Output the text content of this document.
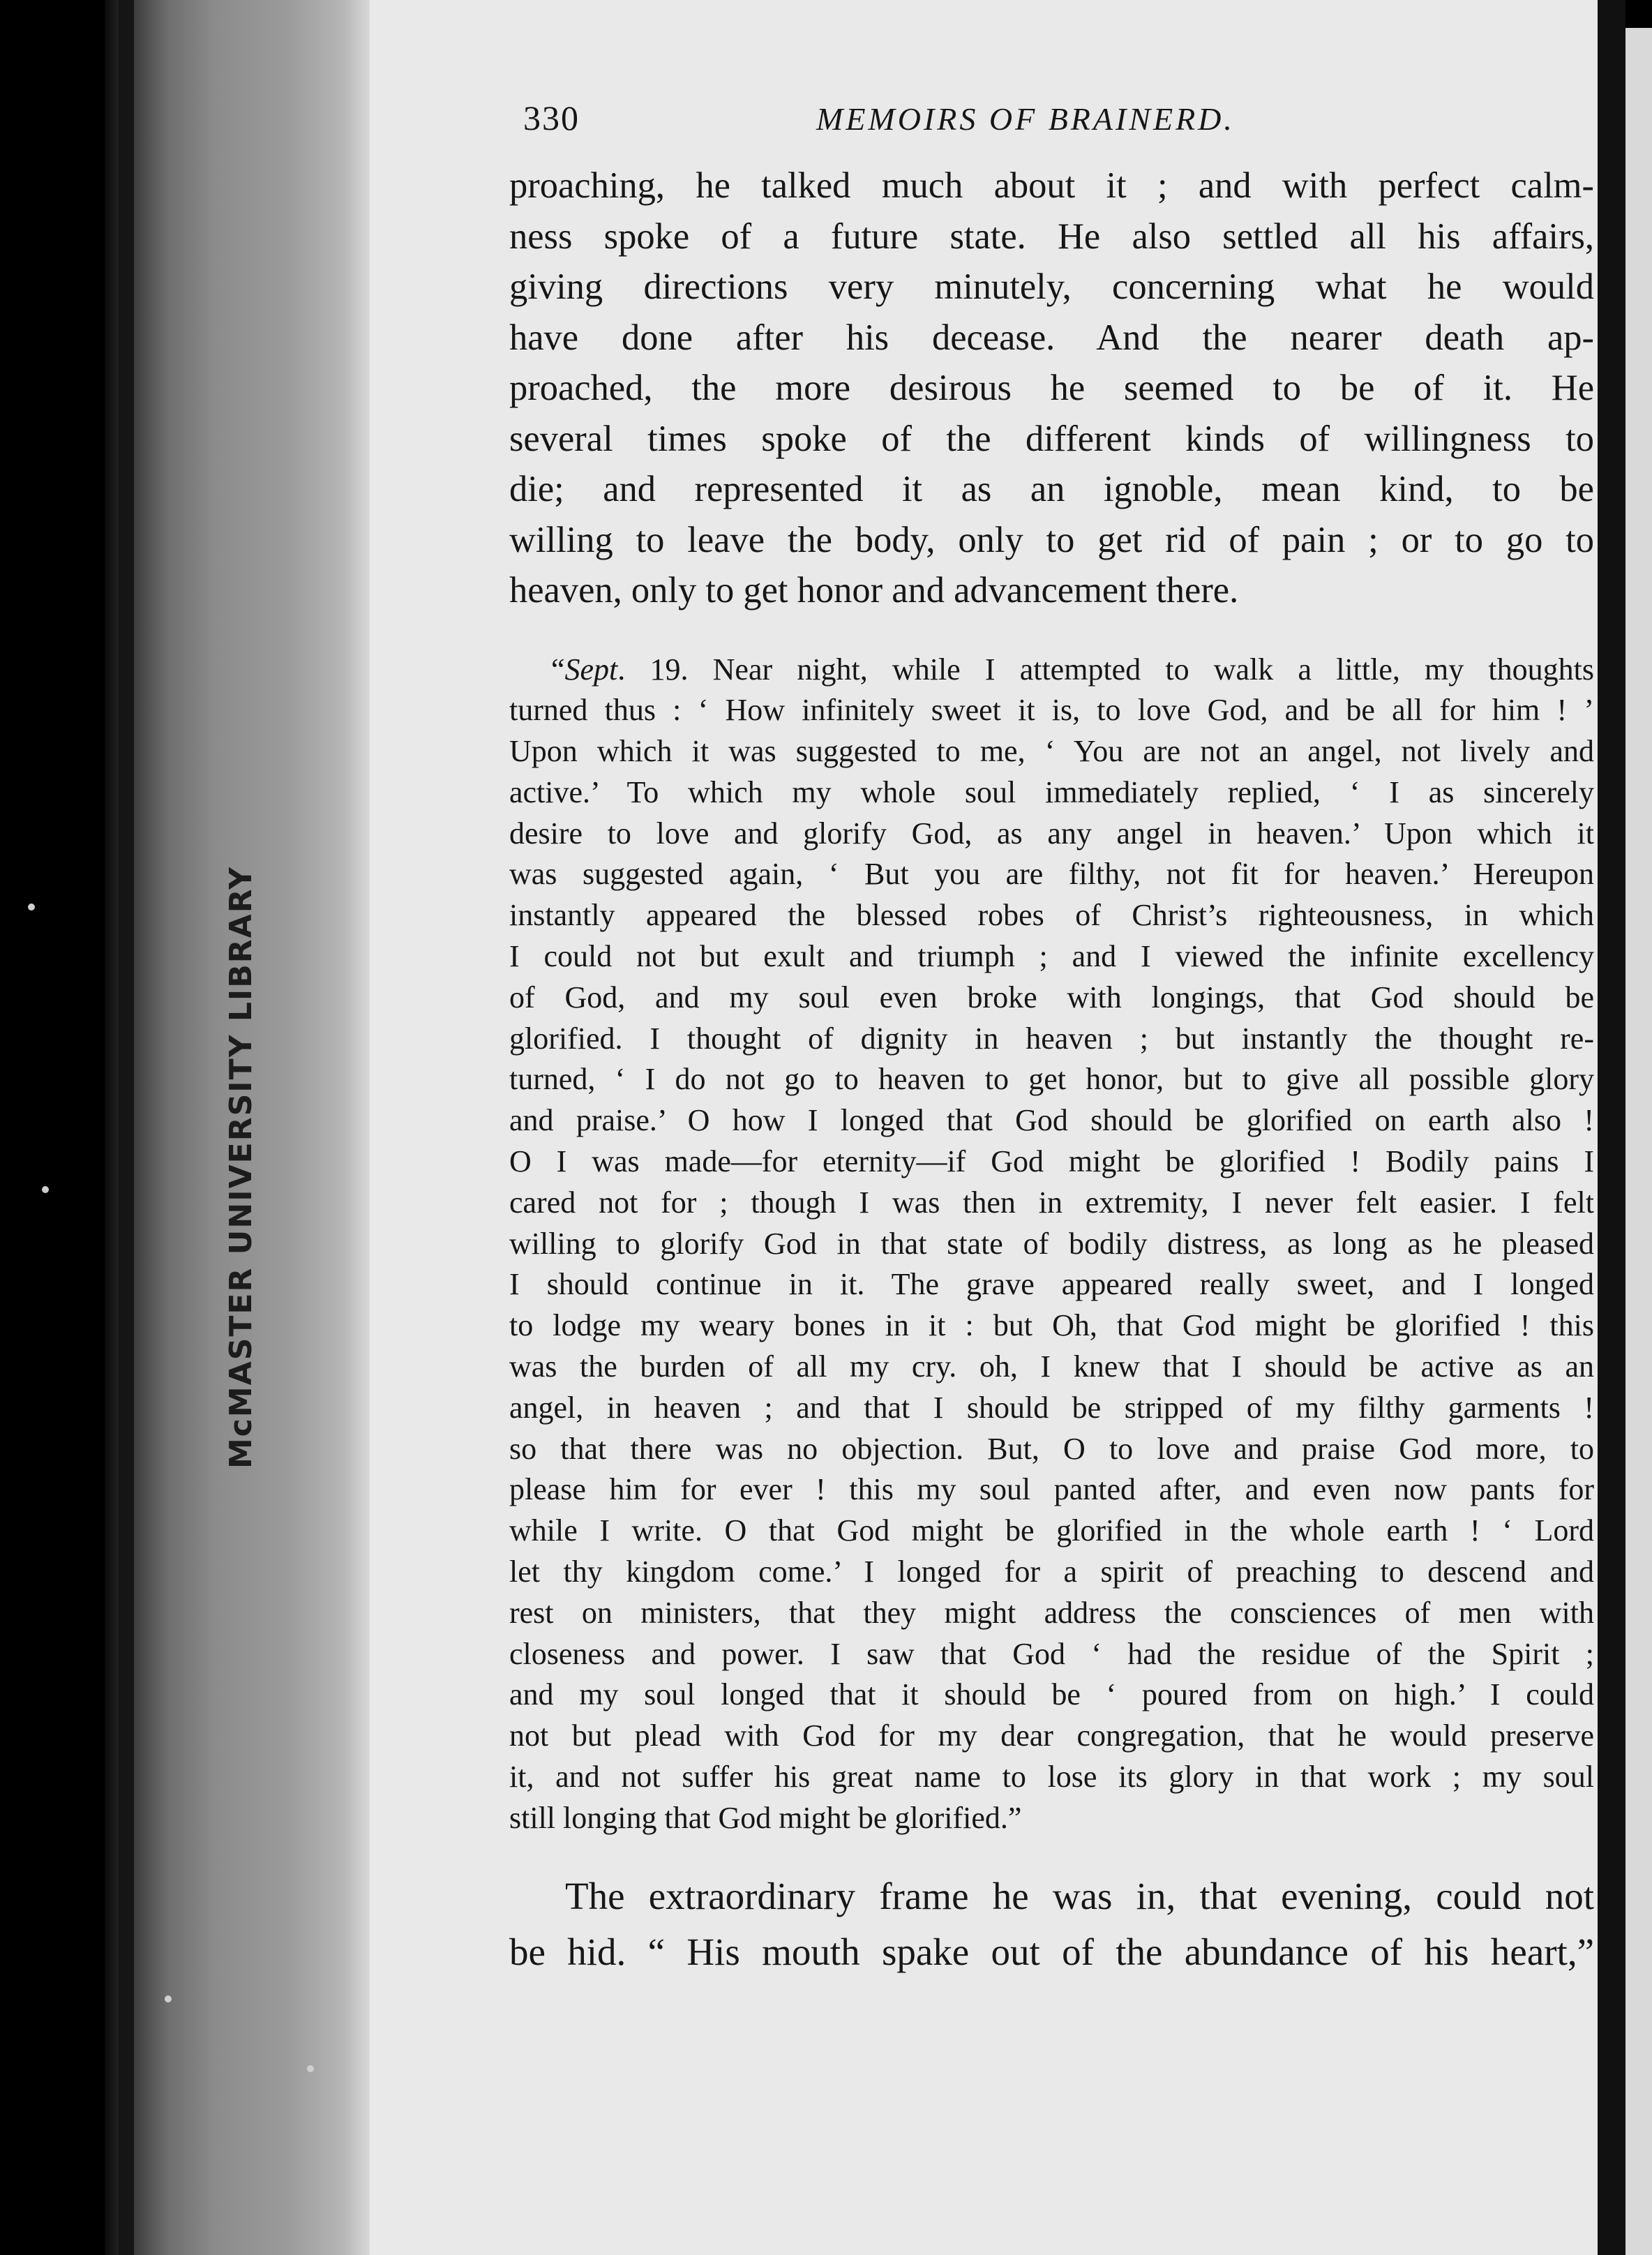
McMASTER UNIVERSITY LIBRARY
330	MEMOIRS OF BRAINERD.

proaching, he talked much about it ; and with perfect calm-
ness spoke of a future state. He also settled all his affairs,
giving directions very minutely, concerning what he would
have done after his decease. And the nearer death ap-
proached, the more desirous he seemed to be of it. He
several times spoke of the different kinds of willingness to
die; and represented it as an ignoble, mean kind, to be
willing to leave the body, only to get rid of pain ; or to go to
heaven, only to get honor and advancement there.

“Sept. 19. Near night, while I attempted to walk a little, my thoughts
turned thus : ‘ How infinitely sweet it is, to love God, and be all for him ! ’
Upon which it was suggested to me, ‘ You are not an angel, not lively and
active.’ To which my whole soul immediately replied, ‘ I as sincerely
desire to love and glorify God, as any angel in heaven.’ Upon which it
was suggested again, ‘ But you are filthy, not fit for heaven.’ Hereupon
instantly appeared the blessed robes of Christ’s righteousness, in which
I could not but exult and triumph ; and I viewed the infinite excellency
of God, and my soul even broke with longings, that God should be
glorified. I thought of dignity in heaven ; but instantly the thought re-
turned, ‘ I do not go to heaven to get honor, but to give all possible glory
and praise.’ O how I longed that God should be glorified on earth also !
O I was made—for eternity—if God might be glorified ! Bodily pains I
cared not for ; though I was then in extremity, I never felt easier. I felt
willing to glorify God in that state of bodily distress, as long as he pleased
I should continue in it. The grave appeared really sweet, and I longed
to lodge my weary bones in it : but Oh, that God might be glorified ! this
was the burden of all my cry. oh, I knew that I should be active as an
angel, in heaven ; and that I should be stripped of my filthy garments !
so that there was no objection. But, O to love and praise God more, to
please him for ever ! this my soul panted after, and even now pants for
while I write. O that God might be glorified in the whole earth ! ‘ Lord
let thy kingdom come.’ I longed for a spirit of preaching to descend and
rest on ministers, that they might address the consciences of men with
closeness and power. I saw that God ‘ had the residue of the Spirit ;
and my soul longed that it should be ‘ poured from on high.’ I could
not but plead with God for my dear congregation, that he would preserve
it, and not suffer his great name to lose its glory in that work ; my soul
still longing that God might be glorified.”
The extraordinary frame he was in, that evening, could not
be hid. “ His mouth spake out of the abundance of his heart,”
